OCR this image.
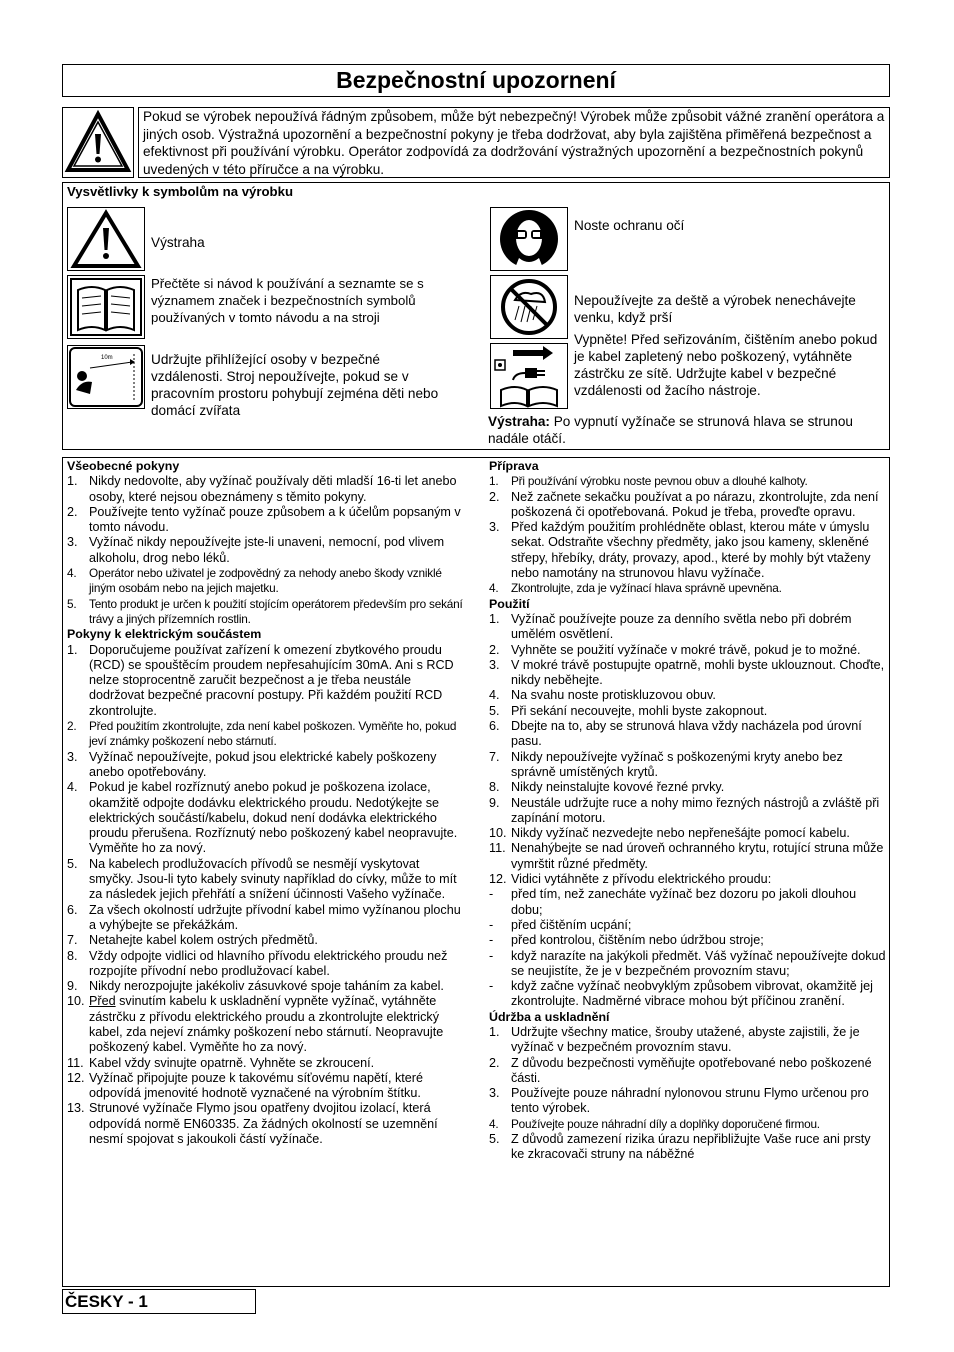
Bezpečnostní upozornení
Pokud se výrobek nepoužívá řádným způsobem, může být nebezpečný! Výrobek může způsobit vážné zranění operátora a jiných osob. Výstražná upozornění a bezpečnostní pokyny je třeba dodržovat, aby byla zajištěna přiměřená bezpečnost a efektivnost při používání výrobku. Operátor zodpovídá za dodržování výstražných upozornění a bezpečnostních pokynů uvedených v této příručce a na výrobku.
Vysvětlivky k symbolům na výrobku
Výstraha
Přečtěte si návod k používání a seznamte se s významem značek i bezpečnostních symbolů používaných v tomto návodu a na stroji
10m	Udržujte přihlížející osoby v bezpečné vzdálenosti. Stroj nepoužívejte, pokud se v pracovním prostoru pohybují zejména děti nebo domácí zvířata
Noste ochranu očí
Nepoužívejte za deště a výrobek nenechávejte venku, když prší
Vypněte! Před seřizováním, čištěním anebo pokud je kabel zapletený nebo poškozený, vytáhněte zástrčku ze sítě. Udržujte kabel v bezpečné vzdálenosti od žacího nástroje.
Výstraha: Po vypnutí vyžínače se strunová hlava se strunou nadále otáčí.
Všeobecné pokyny
1. Nikdy nedovolte, aby vyžínač používaly děti mladší 16-ti let anebo osoby, které nejsou obeznámeny s těmito pokyny.
2. Používejte tento vyžínač pouze způsobem a k účelům popsaným v tomto návodu.
3. Vyžínač nikdy nepoužívejte jste-li unaveni, nemocní, pod vlivem alkoholu, drog nebo léků.
4. Operátor nebo uživatel je zodpovědný za nehody anebo škody vzniklé jiným osobám nebo na jejich majetku.
5. Tento produkt je určen k použití stojícím operátorem především pro sekání trávy a jiných přízemních rostlin.
Pokyny k elektrickým součástem
1. Doporučujeme používat zařízení k omezení zbytkového proudu (RCD) se spouštěcím proudem nepřesahujícím 30mA. Ani s RCD nelze stoprocentně zaručit bezpečnost a je třeba neustále dodržovat bezpečné pracovní postupy. Při každém použití RCD zkontrolujte.
2. Před použitím zkontrolujte, zda není kabel poškozen. Vyměňte ho, pokud jeví známky poškození nebo stárnutí.
3. Vyžínač nepoužívejte, pokud jsou elektrické kabely poškozeny anebo opotřebovány.
4. Pokud je kabel rozříznutý anebo pokud je poškozena izolace, okamžitě odpojte dodávku elektrického proudu. Nedotýkejte se elektrických součástí/kabelu, dokud není dodávka elektrického proudu přerušena. Rozříznutý nebo poškozený kabel neopravujte. Vyměňte ho za nový.
5. Na kabelech prodlužovacích přívodů se nesmějí vyskytovat smyčky. Jsou-li tyto kabely svinuty například do cívky, může to mít za následek jejich přehřátí a snížení účinnosti Vašeho vyžínače.
6. Za všech okolností udržujte přívodní kabel mimo vyžínanou plochu a vyhýbejte se překážkám.
7. Netahejte kabel kolem ostrých předmětů.
8. Vždy odpojte vidlici od hlavního přívodu elektrického proudu než rozpojíte přívodní nebo prodlužovací kabel.
9. Nikdy nerozpojujte jakékoliv zásuvkové spoje taháním za kabel.
10. Před svinutím kabelu k uskladnění vypněte vyžínač, vytáhněte zástrčku z přívodu elektrického proudu a zkontrolujte elektrický kabel, zda nejeví známky poškození nebo stárnutí. Neopravujte poškozený kabel. Vyměňte ho za nový.
11. Kabel vždy svinujte opatrně. Vyhněte se zkroucení.
12. Vyžínač připojujte pouze k takovému síťovému napětí, které odpovídá jmenovité hodnotě vyznačené na výrobním štítku.
13. Strunové vyžínače Flymo jsou opatřeny dvojitou izolací, která odpovídá normě EN60335. Za žádných okolností se uzemnění nesmí spojovat s jakoukoli částí vyžínače.
Příprava
1. Při používání výrobku noste pevnou obuv a dlouhé kalhoty.
2. Než začnete sekačku používat a po nárazu, zkontrolujte, zda není poškozená či opotřebovaná. Pokud je třeba, proveďte opravu.
3. Před každým použitím prohlédněte oblast, kterou máte v úmyslu sekat. Odstraňte všechny předměty, jako jsou kameny, skleněné střepy, hřebíky, dráty, provazy, apod., které by mohly být vtaženy nebo namotány na strunovou hlavu vyžínače.
4. Zkontrolujte, zda je vyžínací hlava správně upevněna.
Použití
1. Vyžínač používejte pouze za denního světla nebo při dobrém umělém osvětlení.
2. Vyhněte se použití vyžínače v mokré trávě, pokud je to možné.
3. V mokré trávě postupujte opatrně, mohli byste uklouznout. Choďte, nikdy neběhejte.
4. Na svahu noste protiskluzovou obuv.
5. Při sekání necouvejte, mohli byste zakopnout.
6. Dbejte na to, aby se strunová hlava vždy nacházela pod úrovní pasu.
7. Nikdy nepoužívejte vyžínač s poškozenými kryty anebo bez správně umístěných krytů.
8. Nikdy neinstalujte kovové řezné prvky.
9. Neustále udržujte ruce a nohy mimo řezných nástrojů a zvláště při zapínání motoru.
10. Nikdy vyžínač nezvedejte nebo nepřenešájte pomocí kabelu.
11. Nenahýbejte se nad úroveň ochranného krytu, rotující struna může vymrštit různé předměty.
12. Vidici vytáhněte z přívodu elektrického proudu:
- před tím, než zanecháte vyžínač bez dozoru po jakoli dlouhou dobu;
- před čištěním ucpání;
- před kontrolou, čištěním nebo údržbou stroje;
- když narazíte na jakýkoli předmět. Váš vyžínač nepoužívejte dokud se neujistíte, že je v bezpečném provozním stavu;
- když začne vyžínač neobvyklým způsobem vibrovat, okamžitě jej zkontrolujte. Nadměrné vibrace mohou být příčinou zranění.
Údržba a uskladnění
1. Udržujte všechny matice, šrouby utažené, abyste zajistili, že je vyžínač v bezpečném provozním stavu.
2. Z důvodu bezpečnosti vyměňujte opotřebované nebo poškozené části.
3. Používejte pouze náhradní nylonovou strunu Flymo určenou pro tento výrobek.
4. Používejte pouze náhradní díly a doplňky doporučené firmou.
5. Z důvodů zamezení rizika úrazu nepřibližujte Vaše ruce ani prsty ke zkracovači struny na náběžné
ČESKY - 1
